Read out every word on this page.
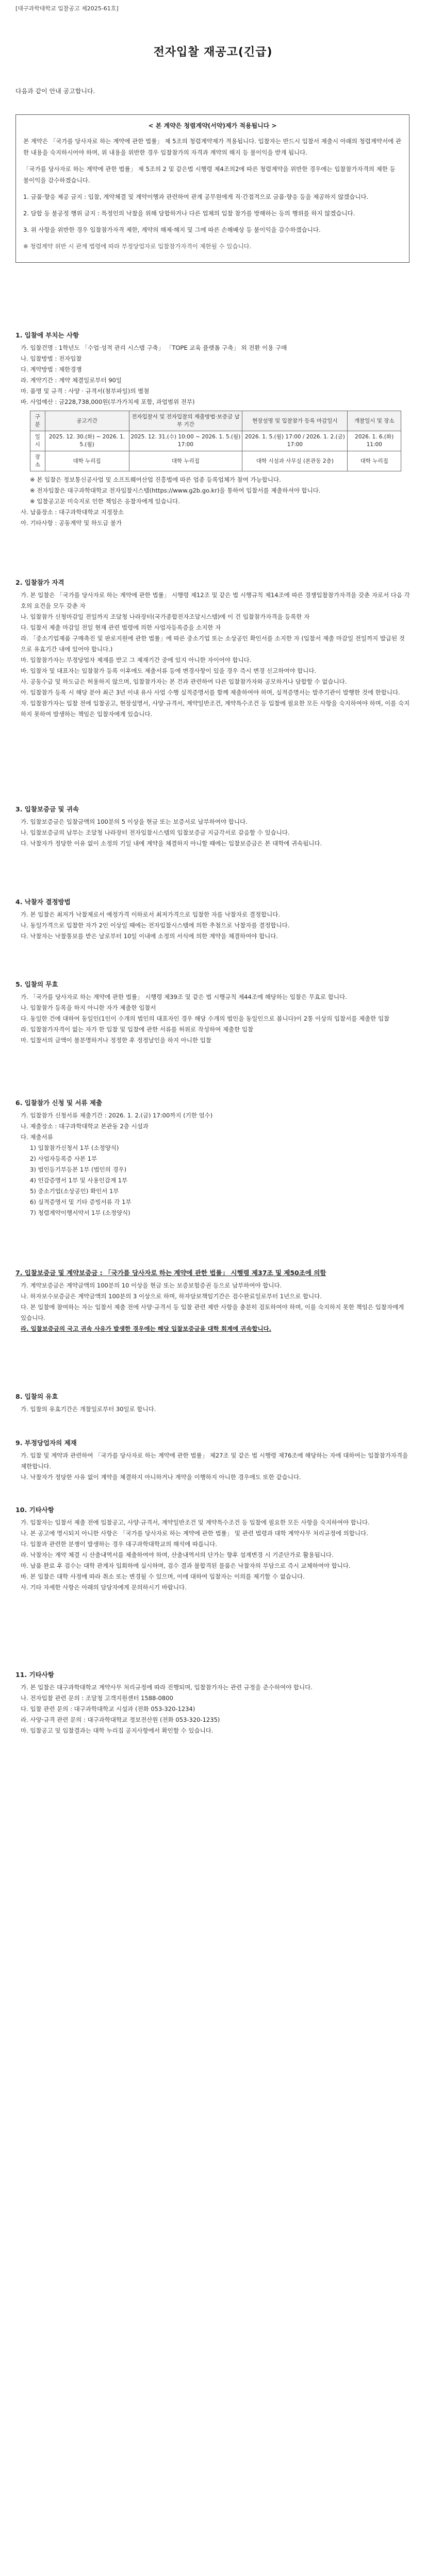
[대구과학대학교 입찰공고 제2025-61호]
전자입찰 재공고(긴급)
다음과 같이 안내 공고합니다.
< 본 계약은 청렴계약(서약)제가 적용됩니다 >

본 계약은 「국가를 당사자로 하는 계약에 관한 법률」 제 5조의 청렴계약제가 적용됩니다. 입찰자는 반드시 입찰서 제출시 아래의 청렴계약서에 관한 내용을 숙지하시어야 하며, 위 내용을 위반한 경우 입찰참가의 자격과 계약의 해지 등 불이익을 받게 됩니다.

「국가를 당사자로 하는 계약에 관한 법률」 제 5조의 2 및 같은법 시행령 제4조의2에 따른 청렴계약을 위반한 경우에는 입찰참가자격의 제한 등 불이익을 감수하겠습니다.

1. 금품·향응 제공 금지 : 입찰, 계약체결 및 계약이행과 관련하여 관계 공무원에게 직·간접적으로 금품·향응 등을 제공하지 않겠습니다.

2. 담합 등 불공정 행위 금지 : 특정인의 낙찰을 위해 담합하거나 다른 업체의 입찰 참가를 방해하는 등의 행위를 하지 않겠습니다.

3. 위 사항을 위반한 경우 입찰참가자격 제한, 계약의 해제·해지 및 그에 따른 손해배상 등 불이익을 감수하겠습니다.

※ 청렴계약 위반 시 관계 법령에 따라 부정당업자로 입찰참가자격이 제한될 수 있습니다.

1. 입찰에 부치는 사항

가. 입찰건명 : 1학년도 「수업·성적 관리 시스템 구축」 「TOPE 교육 플랫폼 구축」 외 전환 이용 구매

나. 입찰방법 : 전자입찰

다. 계약방법 : 제한경쟁

라. 계약기간 : 계약 체결일로부터 90일

마. 품명 및 규격 : 사양 · 규격서(첨부파일)의 별첨

바. 사업예산 : 금228,738,000원(부가가치세 포함, 과업범위 전부)

구 분	공고기간	전자입찰서 및 전자입찰의 제출방법·보증금 납부 기간	현장설명 및 입찰참가 등록 마감일시	개찰일시 및 장소
일 시	2025. 12. 30.(화) ~ 2026. 1. 5.(월)	2025. 12. 31.(수) 10:00 ~ 2026. 1. 5.(월) 17:00	2026. 1. 5.(월) 17:00 / 2026. 1. 2.(금) 17:00	2026. 1. 6.(화) 11:00
장 소	대학 누리집	대학 누리집	대학 시설과 사무실 (본관동 2층)	대학 누리집

※ 본 입찰은 정보통신공사업 및 소프트웨어산업 진흥법에 따른 업종 등록업체가 참여 가능합니다.

※ 전자입찰은 대구과학대학교 전자입찰시스템(https://www.g2b.go.kr)을 통하여 입찰서를 제출하셔야 합니다.

※ 입찰공고문 미숙지로 인한 책임은 응찰자에게 있습니다.

사. 납품장소 : 대구과학대학교 지정장소

아. 기타사항 : 공동계약 및 하도급 불가

2. 입찰참가 자격

가. 본 입찰은 「국가를 당사자로 하는 계약에 관한 법률」 시행령 제12조 및 같은 법 시행규칙 제14조에 따른 경쟁입찰참가자격을 갖춘 자로서 다음 각 호의 요건을 모두 갖춘 자

나. 입찰참가 신청마감일 전일까지 조달청 나라장터(국가종합전자조달시스템)에 이 건 입찰참가자격을 등록한 자

다. 입찰서 제출 마감일 전일 현재 관련 법령에 의한 사업자등록증을 소지한 자

라. 「중소기업제품 구매촉진 및 판로지원에 관한 법률」에 따른 중소기업 또는 소상공인 확인서를 소지한 자 (입찰서 제출 마감일 전일까지 발급된 것으로 유효기간 내에 있어야 합니다.)

마. 입찰참가자는 부정당업자 제재를 받고 그 제재기간 중에 있지 아니한 자이어야 합니다.

바. 입찰자 및 대표자는 입찰참가 등록 이후에도 제출서류 등에 변경사항이 있을 경우 즉시 변경 신고하여야 합니다.

사. 공동수급 및 하도급은 허용하지 않으며, 입찰참가자는 본 건과 관련하여 다른 입찰참가자와 공모하거나 담합할 수 없습니다.

아. 입찰참가 등록 시 해당 분야 최근 3년 이내 유사 사업 수행 실적증명서를 함께 제출하여야 하며, 실적증명서는 발주기관이 발행한 것에 한합니다.

자. 입찰참가자는 입찰 전에 입찰공고, 현장설명서, 사양·규격서, 계약일반조건, 계약특수조건 등 입찰에 필요한 모든 사항을 숙지하여야 하며, 이를 숙지하지 못하여 발생하는 책임은 입찰자에게 있습니다.

3. 입찰보증금 및 귀속

가. 입찰보증금은 입찰금액의 100분의 5 이상을 현금 또는 보증서로 납부하여야 합니다.

나. 입찰보증금의 납부는 조달청 나라장터 전자입찰시스템의 입찰보증금 지급각서로 갈음할 수 있습니다.

다. 낙찰자가 정당한 이유 없이 소정의 기일 내에 계약을 체결하지 아니할 때에는 입찰보증금은 본 대학에 귀속됩니다.

4. 낙찰자 결정방법

가. 본 입찰은 최저가 낙찰제로서 예정가격 이하로서 최저가격으로 입찰한 자를 낙찰자로 결정합니다.

나. 동일가격으로 입찰한 자가 2인 이상일 때에는 전자입찰시스템에 의한 추첨으로 낙찰자를 결정합니다.

다. 낙찰자는 낙찰통보를 받은 날로부터 10일 이내에 소정의 서식에 의한 계약을 체결하여야 합니다.

5. 입찰의 무효

가. 「국가를 당사자로 하는 계약에 관한 법률」 시행령 제39조 및 같은 법 시행규칙 제44조에 해당하는 입찰은 무효로 합니다.

나. 입찰참가 등록을 하지 아니한 자가 제출한 입찰서

다. 동일한 건에 대하여 동일인(1인이 수개의 법인의 대표자인 경우 해당 수개의 법인을 동일인으로 봅니다)이 2통 이상의 입찰서를 제출한 입찰

라. 입찰참가자격이 없는 자가 한 입찰 및 입찰에 관한 서류를 허위로 작성하여 제출한 입찰

마. 입찰서의 금액이 불분명하거나 정정한 후 정정날인을 하지 아니한 입찰

6. 입찰참가 신청 및 서류 제출

가. 입찰참가 신청서류 제출기간 : 2026. 1. 2.(금) 17:00까지 (기한 엄수)

나. 제출장소 : 대구과학대학교 본관동 2층 시설과

다. 제출서류

1) 입찰참가신청서 1부 (소정양식)

2) 사업자등록증 사본 1부

3) 법인등기부등본 1부 (법인의 경우)

4) 인감증명서 1부 및 사용인감계 1부

5) 중소기업(소상공인) 확인서 1부

6) 실적증명서 및 기타 증빙서류 각 1부

7) 청렴계약이행서약서 1부 (소정양식)

7. 입찰보증금 및 계약보증금 : 「국가를 당사자로 하는 계약에 관한 법률」 시행령 제37조 및 제50조에 의함

가. 계약보증금은 계약금액의 100분의 10 이상을 현금 또는 보증보험증권 등으로 납부하여야 합니다.

나. 하자보수보증금은 계약금액의 100분의 3 이상으로 하며, 하자담보책임기간은 검수완료일로부터 1년으로 합니다.

다. 본 입찰에 참여하는 자는 입찰서 제출 전에 사양·규격서 등 입찰 관련 제반 사항을 충분히 검토하여야 하며, 이를 숙지하지 못한 책임은 입찰자에게 있습니다.

라. 입찰보증금의 국고 귀속 사유가 발생한 경우에는 해당 입찰보증금을 대학 회계에 귀속합니다.

8. 입찰의 유효

가. 입찰의 유효기간은 개찰일로부터 30일로 합니다.

9. 부정당업자의 제재

가. 입찰 및 계약과 관련하여 「국가를 당사자로 하는 계약에 관한 법률」 제27조 및 같은 법 시행령 제76조에 해당하는 자에 대하여는 입찰참가자격을 제한합니다.

나. 낙찰자가 정당한 사유 없이 계약을 체결하지 아니하거나 계약을 이행하지 아니한 경우에도 또한 같습니다.

10. 기타사항

가. 입찰자는 입찰서 제출 전에 입찰공고, 사양·규격서, 계약일반조건 및 계약특수조건 등 입찰에 필요한 모든 사항을 숙지하여야 합니다.

나. 본 공고에 명시되지 아니한 사항은 「국가를 당사자로 하는 계약에 관한 법률」 및 관련 법령과 대학 계약사무 처리규정에 의합니다.

다. 입찰과 관련한 분쟁이 발생하는 경우 대구과학대학교의 해석에 따릅니다.

라. 낙찰자는 계약 체결 시 산출내역서를 제출하여야 하며, 산출내역서의 단가는 향후 설계변경 시 기준단가로 활용됩니다.

마. 납품 완료 후 검수는 대학 관계자 입회하에 실시하며, 검수 결과 불합격된 물품은 낙찰자의 부담으로 즉시 교체하여야 합니다.

바. 본 입찰은 대학 사정에 따라 취소 또는 변경될 수 있으며, 이에 대하여 입찰자는 이의를 제기할 수 없습니다.

사. 기타 자세한 사항은 아래의 담당자에게 문의하시기 바랍니다.

11. 기타사항

가. 본 입찰은 대구과학대학교 계약사무 처리규정에 따라 진행되며, 입찰참가자는 관련 규정을 준수하여야 합니다.

나. 전자입찰 관련 문의 : 조달청 고객지원센터 1588-0800

다. 입찰 관련 문의 : 대구과학대학교 시설과 (전화 053-320-1234)

라. 사양·규격 관련 문의 : 대구과학대학교 정보전산원 (전화 053-320-1235)

마. 입찰공고 및 입찰결과는 대학 누리집 공지사항에서 확인할 수 있습니다.
